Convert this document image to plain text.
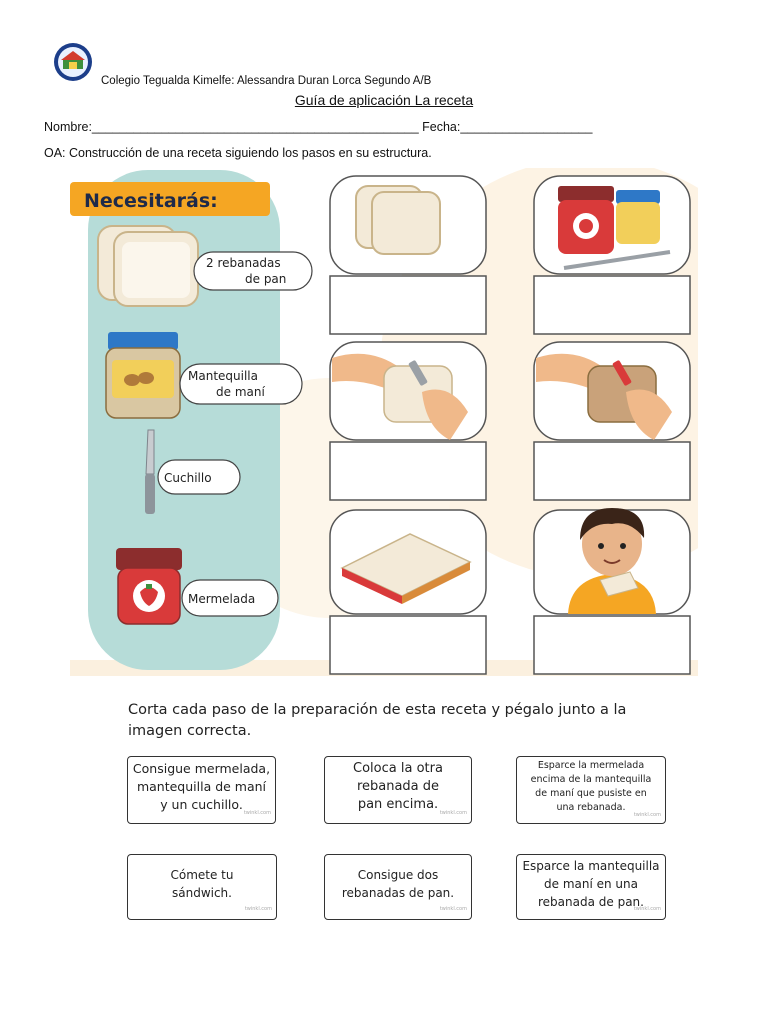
Colegio Tegualda Kimelfe: Alessandra Duran Lorca Segundo A/B
Guía de aplicación La receta
Nombre:_______________________________________________ Fecha:___________________
OA: Construcción de una receta siguiendo los pasos en su estructura.
Necesitarás:
2 rebanadas de pan
Mantequilla de maní
Cuchillo
Mermelada
Corta cada paso de la preparación de esta receta y pégalo junto a la imagen correcta.
Consigue mermelada,
mantequilla de maní
y un cuchillo.
twinkl.com
Coloca la otra
rebanada de
pan encima.
twinkl.com
Esparce la mermelada
encima de la mantequilla
de maní que pusiste en
una rebanada.
twinkl.com
Cómete tu
sándwich.
twinkl.com
Consigue dos
rebanadas de pan.
twinkl.com
Esparce la mantequilla
de maní en una
rebanada de pan.
twinkl.com
